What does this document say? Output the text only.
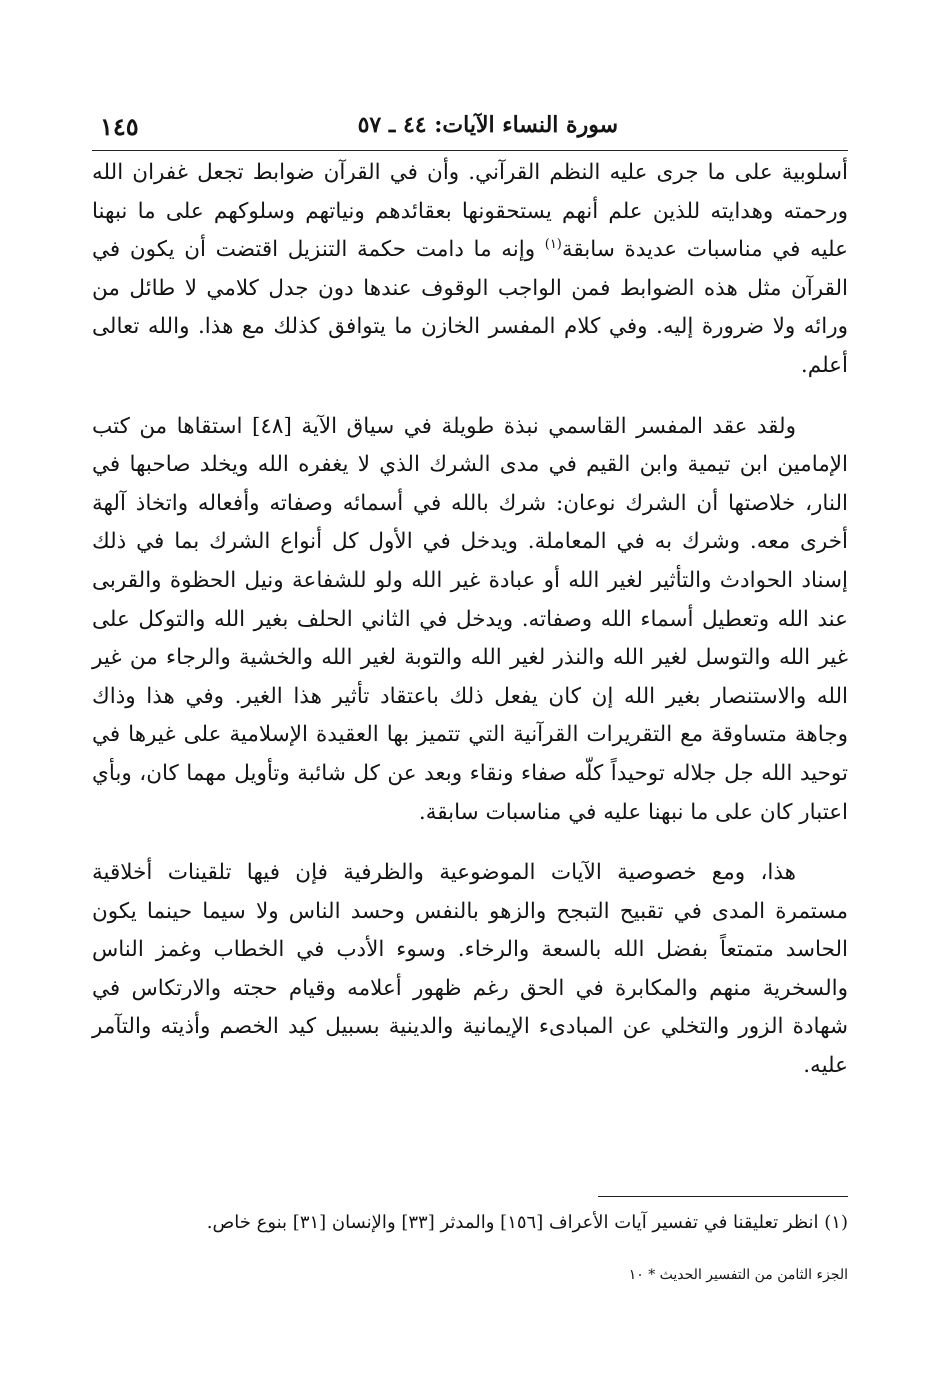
سورة النساء الآيات: ٤٤ ـ ٥٧
١٤٥

أسلوبية على ما جرى عليه النظم القرآني. وأن في القرآن ضوابط تجعل غفران الله ورحمته وهدايته للذين علم أنهم يستحقونها بعقائدهم ونياتهم وسلوكهم على ما نبهنا عليه في مناسبات عديدة سابقة$^{(١)}$ وإنه ما دامت حكمة التنزيل اقتضت أن يكون في القرآن مثل هذه الضوابط فمن الواجب الوقوف عندها دون جدل كلامي لا طائل من ورائه ولا ضرورة إليه. وفي كلام المفسر الخازن ما يتوافق كذلك مع هذا. والله تعالى أعلم.

ولقد عقد المفسر القاسمي نبذة طويلة في سياق الآية [٤٨] استقاها من كتب الإمامين ابن تيمية وابن القيم في مدى الشرك الذي لا يغفره الله ويخلد صاحبها في النار، خلاصتها أن الشرك نوعان: شرك بالله في أسمائه وصفاته وأفعاله واتخاذ آلهة أخرى معه. وشرك به في المعاملة. ويدخل في الأول كل أنواع الشرك بما في ذلك إسناد الحوادث والتأثير لغير الله أو عبادة غير الله ولو للشفاعة ونيل الحظوة والقربى عند الله وتعطيل أسماء الله وصفاته. ويدخل في الثاني الحلف بغير الله والتوكل على غير الله والتوسل لغير الله والنذر لغير الله والتوبة لغير الله والخشية والرجاء من غير الله والاستنصار بغير الله إن كان يفعل ذلك باعتقاد تأثير هذا الغير. وفي هذا وذاك وجاهة متساوقة مع التقريرات القرآنية التي تتميز بها العقيدة الإسلامية على غيرها في توحيد الله جل جلاله توحيداً كلّه صفاء ونقاء وبعد عن كل شائبة وتأويل مهما كان، وبأي اعتبار كان على ما نبهنا عليه في مناسبات سابقة.

هذا، ومع خصوصية الآيات الموضوعية والظرفية فإن فيها تلقينات أخلاقية مستمرة المدى في تقبيح التبجح والزهو بالنفس وحسد الناس ولا سيما حينما يكون الحاسد متمتعاً بفضل الله بالسعة والرخاء. وسوء الأدب في الخطاب وغمز الناس والسخرية منهم والمكابرة في الحق رغم ظهور أعلامه وقيام حجته والارتكاس في شهادة الزور والتخلي عن المبادىء الإيمانية والدينية بسبيل كيد الخصم وأذيته والتآمر عليه.

(١) انظر تعليقنا في تفسير آيات الأعراف [١٥٦] والمدثر [٣٣] والإنسان [٣١] بنوع خاص.
الجزء الثامن من التفسير الحديث * ١٠
